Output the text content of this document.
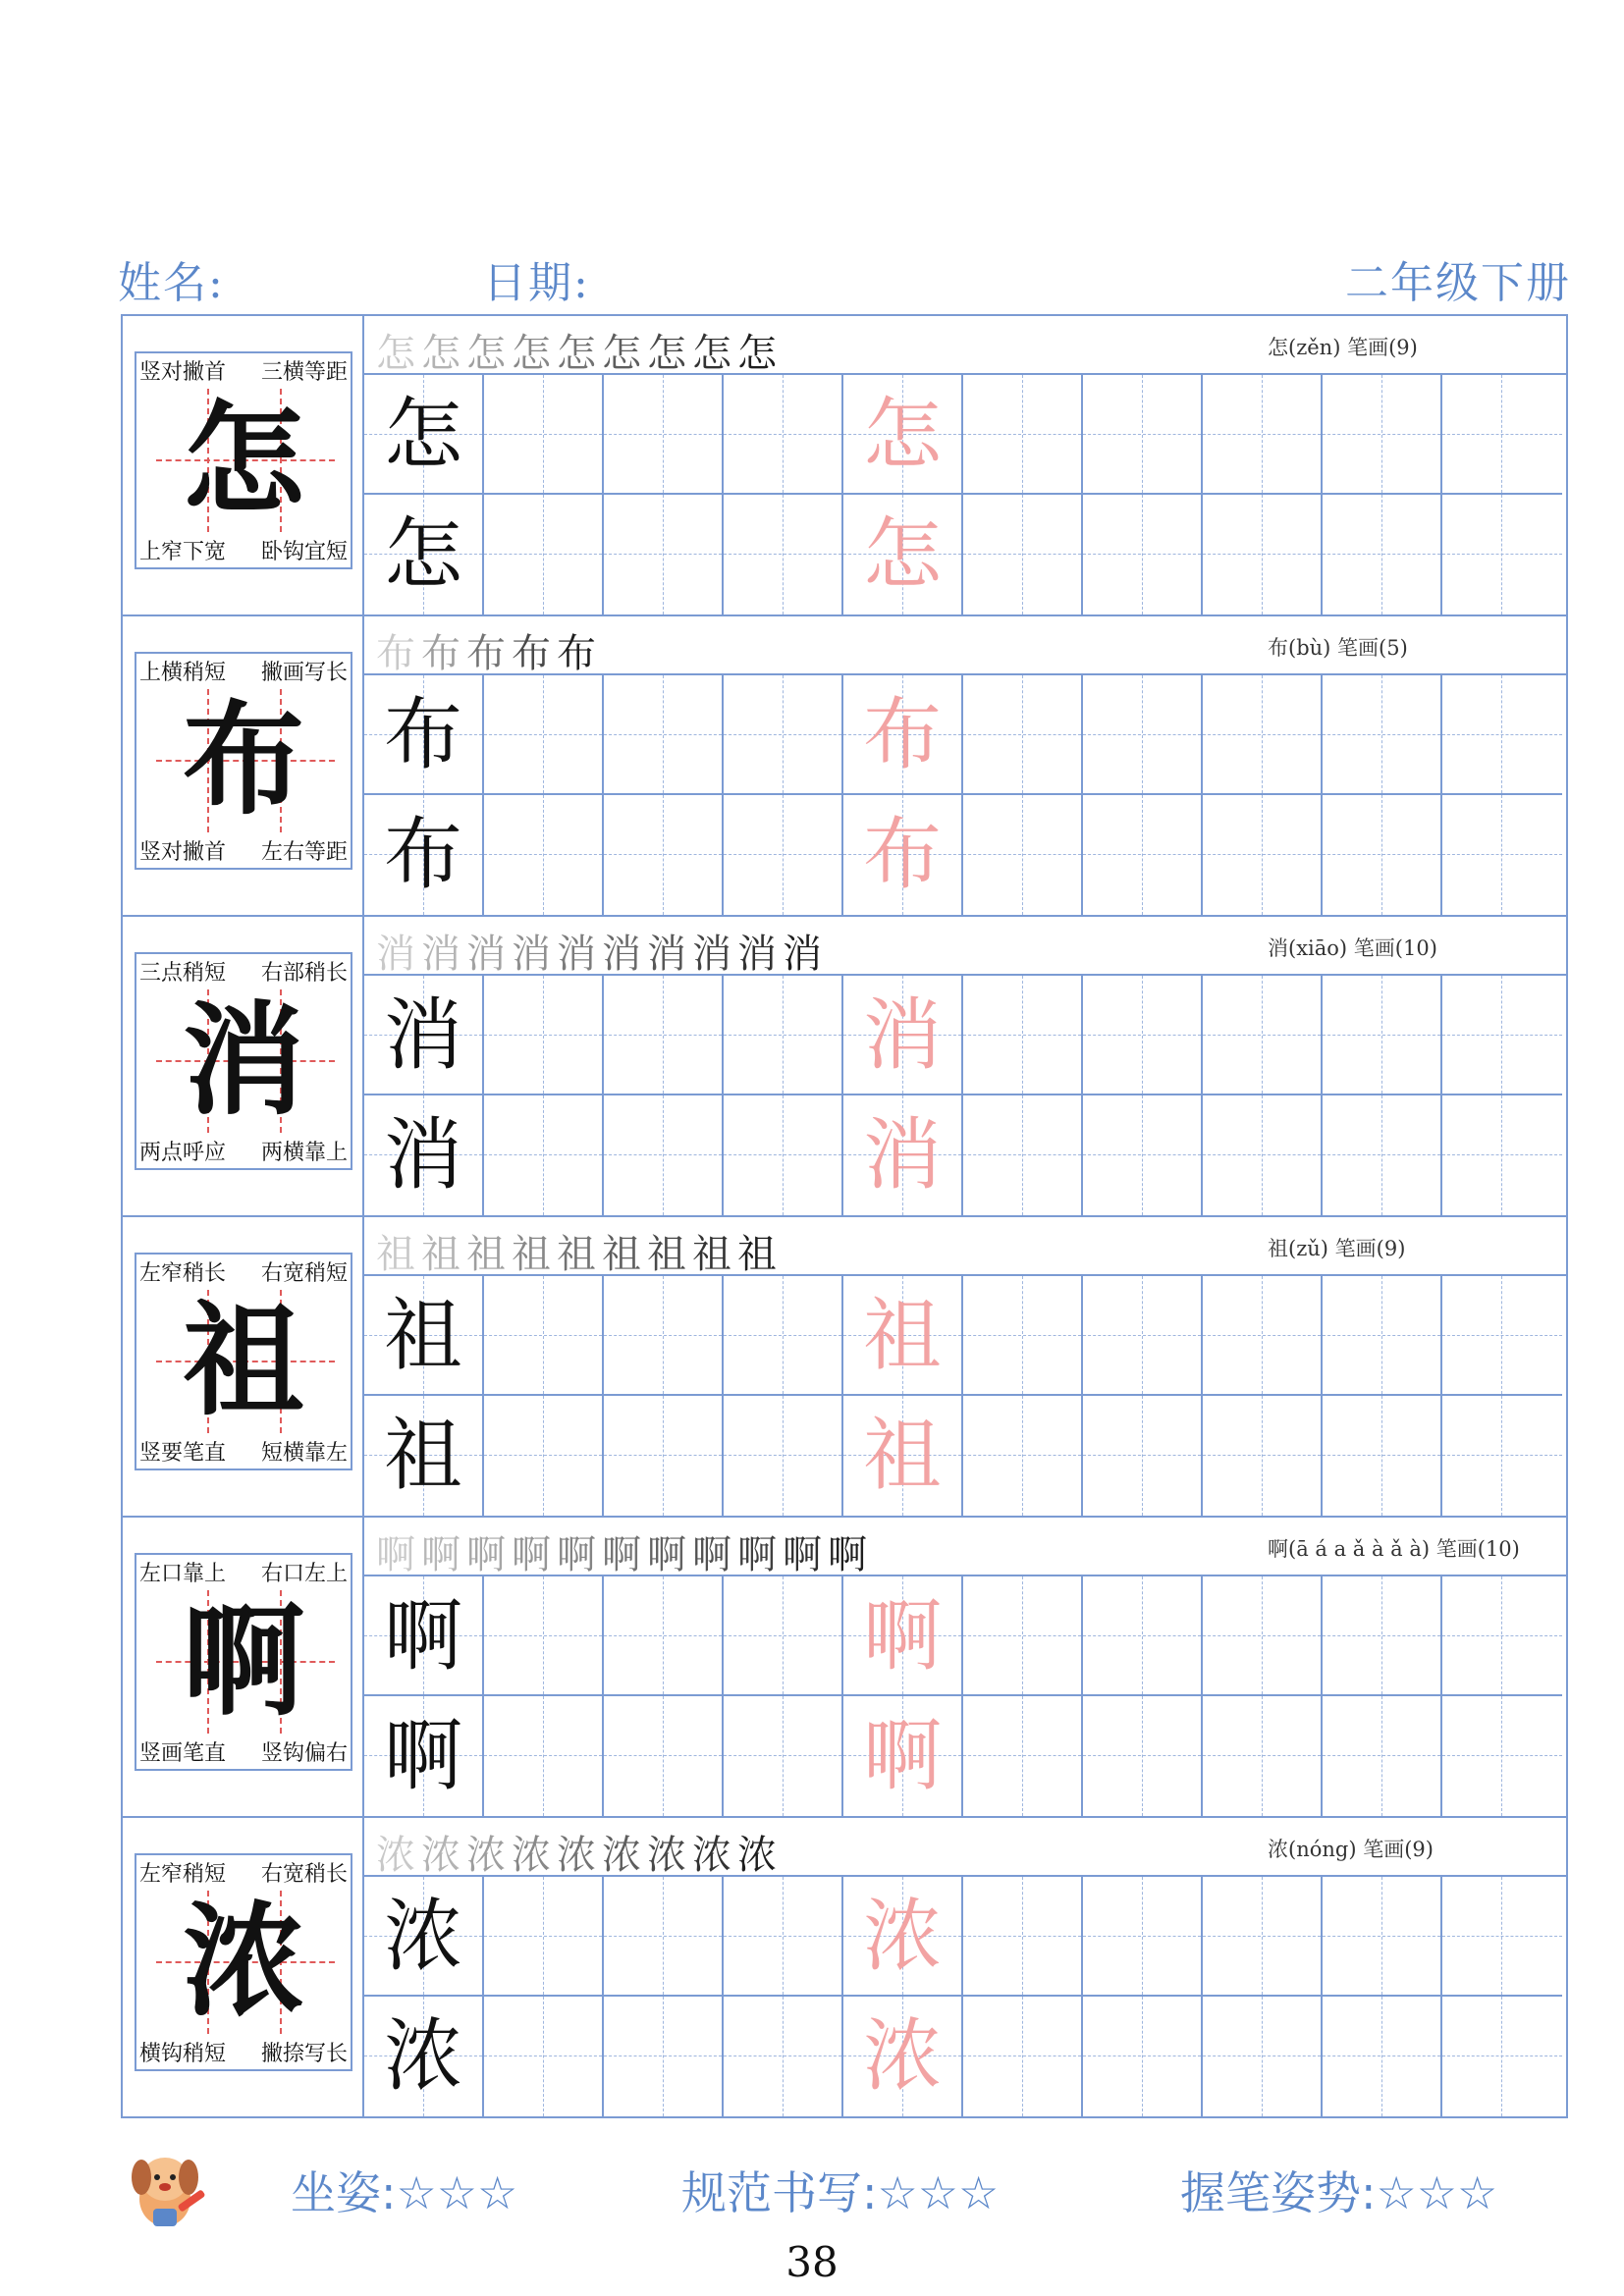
姓名:	日期:	二年级下册
竖对撇首 三横等距
上窄下宽 卧钩宜短
怎
怎怎怎怎怎怎怎怎怎	怎(zěn) 笔画(9)
怎	怎
怎	怎
上横稍短 撇画写长
竖对撇首 左右等距
布
布布布布布	布(bù) 笔画(5)
布	布
布	布
三点稍短 右部稍长
两点呼应 两横靠上
消
消消消消消消消消消消	消(xiāo) 笔画(10)
消	消
消	消
左窄稍长 右宽稍短
竖要笔直 短横靠左
祖
祖祖祖祖祖祖祖祖祖	祖(zǔ) 笔画(9)
祖	祖
祖	祖
左口靠上 右口左上
竖画笔直 竖钩偏右
啊
啊啊啊啊啊啊啊啊啊啊啊	啊(ā á a ǎ à ǎ à) 笔画(10)
啊	啊
啊	啊
左窄稍短 右宽稍长
横钩稍短 撇捺写长
浓
浓浓浓浓浓浓浓浓浓	浓(nóng) 笔画(9)
浓	浓
浓	浓
坐姿:☆☆☆	规范书写:☆☆☆	握笔姿势:☆☆☆
38
